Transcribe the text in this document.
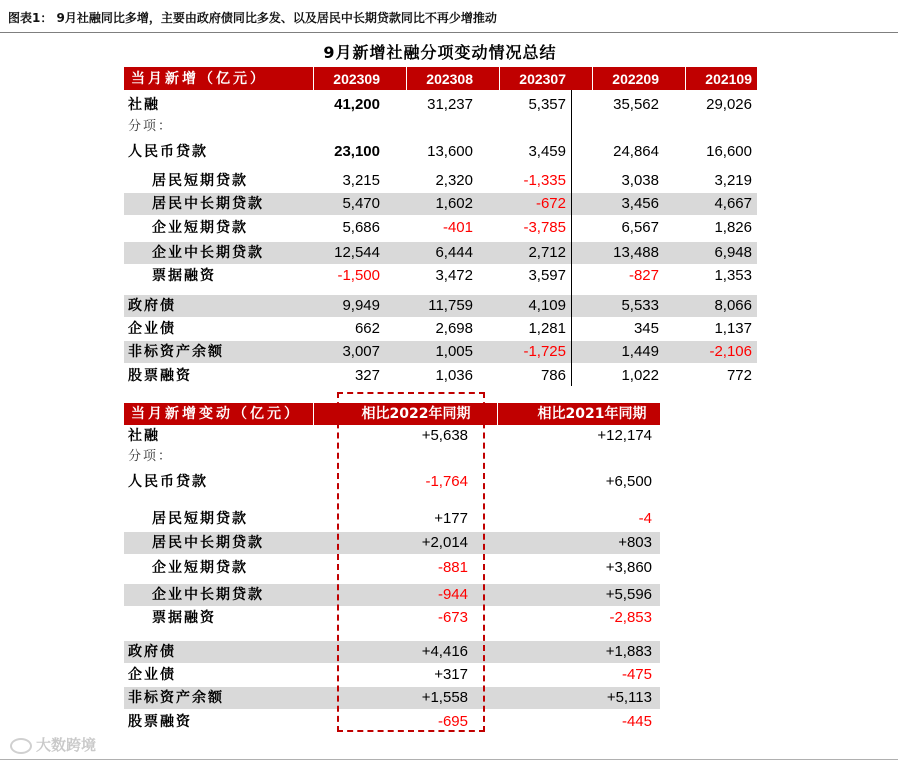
图表1： 9月社融同比多增，主要由政府债同比多发、以及居民中长期贷款同比不再少增推动
9月新增社融分项变动情况总结
当月新增（亿元）	202309	202308	202307	202209	202109
社融	41,200	31,237	5,357	35,562	29,026
分项：
人民币贷款	23,100	13,600	3,459	24,864	16,600
居民短期贷款	3,215	2,320	-1,335	3,038	3,219
居民中长期贷款	5,470	1,602	-672	3,456	4,667
企业短期贷款	5,686	-401	-3,785	6,567	1,826
企业中长期贷款	12,544	6,444	2,712	13,488	6,948
票据融资	-1,500	3,472	3,597	-827	1,353
政府债	9,949	11,759	4,109	5,533	8,066
企业债	662	2,698	1,281	345	1,137
非标资产余额	3,007	1,005	-1,725	1,449	-2,106
股票融资	327	1,036	786	1,022	772
当月新增变动（亿元）	相比2022年同期	相比2021年同期
社融	+5,638	+12,174
分项：
人民币贷款	-1,764	+6,500
居民短期贷款	+177	-4
居民中长期贷款	+2,014	+803
企业短期贷款	-881	+3,860
企业中长期贷款	-944	+5,596
票据融资	-673	-2,853
政府债	+4,416	+1,883
企业债	+317	-475
非标资产余额	+1,558	+5,113
股票融资	-695	-445
大数跨境
